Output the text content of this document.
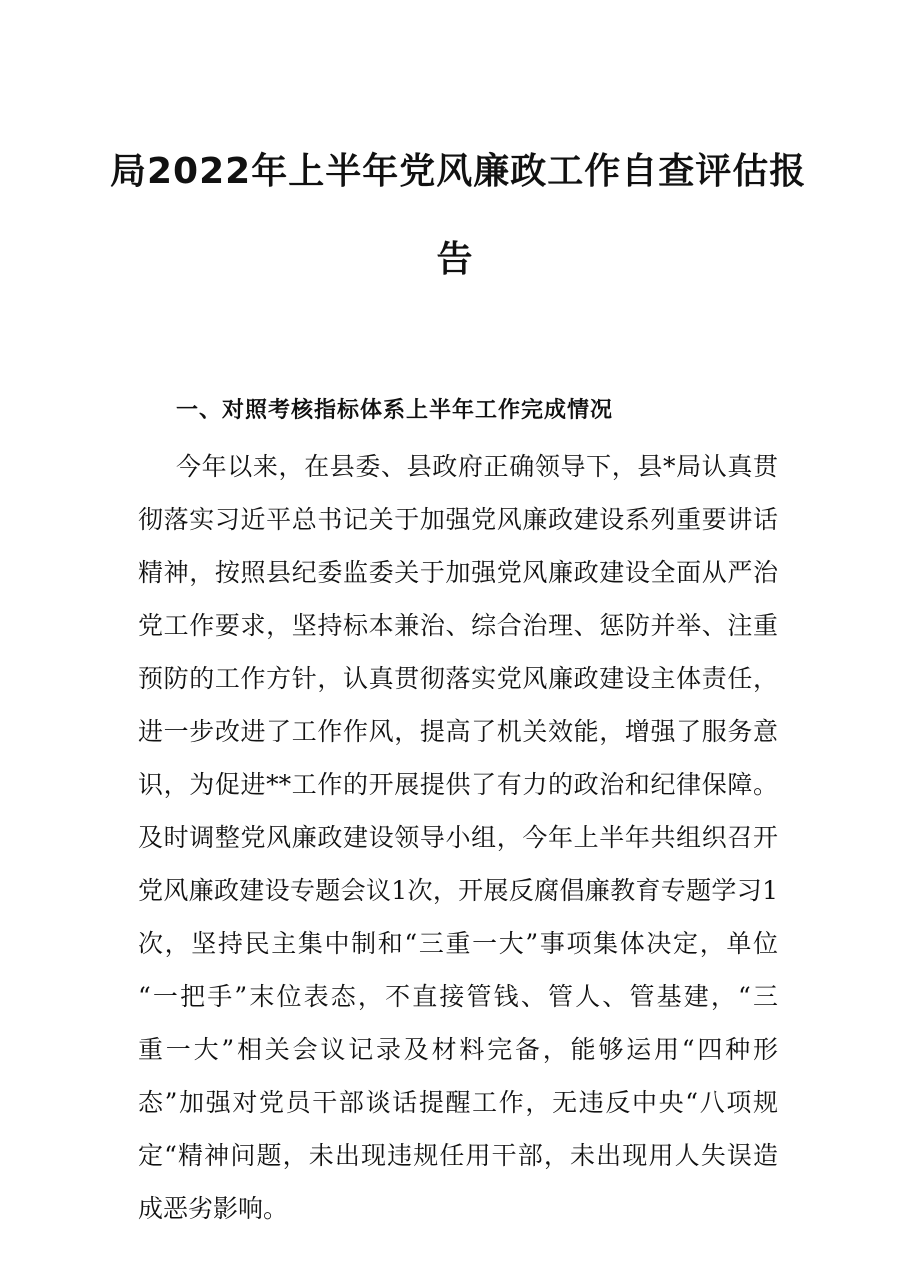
局2022年上半年党风廉政工作自查评估报
告
一、对照考核指标体系上半年工作完成情况
今年以来，在县委、县政府正确领导下，县*局认真贯
彻落实习近平总书记关于加强党风廉政建设系列重要讲话
精神，按照县纪委监委关于加强党风廉政建设全面从严治
党工作要求，坚持标本兼治、综合治理、惩防并举、注重
预防的工作方针，认真贯彻落实党风廉政建设主体责任，
进一步改进了工作作风，提高了机关效能，增强了服务意
识，为促进**工作的开展提供了有力的政治和纪律保障。
及时调整党风廉政建设领导小组，今年上半年共组织召开
党风廉政建设专题会议1次，开展反腐倡廉教育专题学习1
次，坚持民主集中制和“三重一大”事项集体决定，单位
“一把手”末位表态，不直接管钱、管人、管基建，“三
重一大”相关会议记录及材料完备，能够运用“四种形
态”加强对党员干部谈话提醒工作，无违反中央“八项规
定“精神问题，未出现违规任用干部，未出现用人失误造
成恶劣影响。
